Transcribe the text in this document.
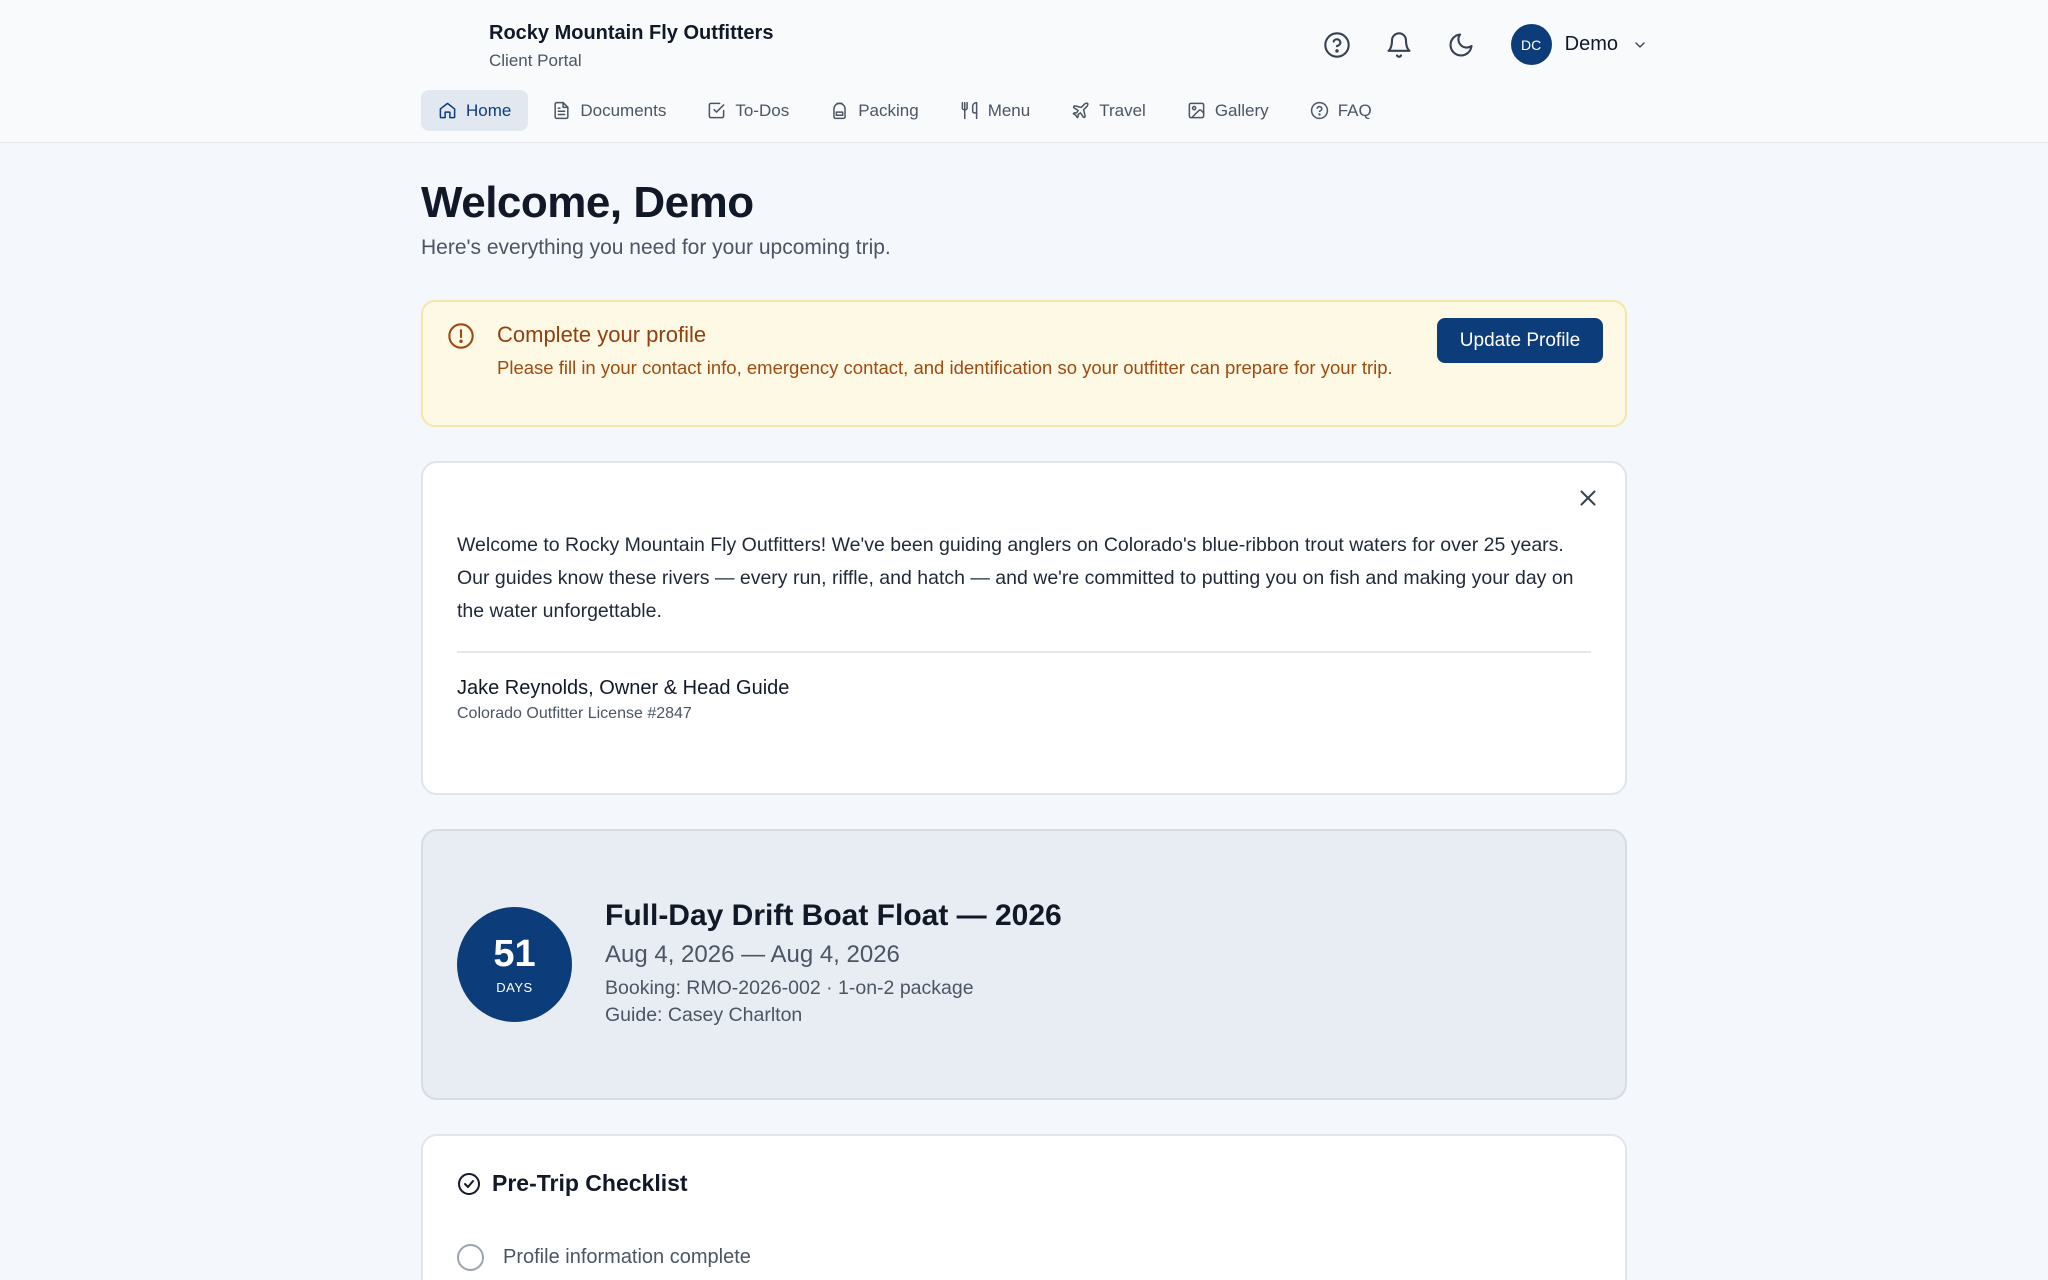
Rocky Mountain Fly Outfitters
Client Portal
DC	Demo
Home	Documents	To-Dos	Packing	Menu	Travel	Gallery	FAQ
Welcome, Demo
Here's everything you need for your upcoming trip.
Complete your profile
Please fill in your contact info, emergency contact, and identification so your outfitter can prepare for your trip.
Update Profile
Welcome to Rocky Mountain Fly Outfitters! We've been guiding anglers on Colorado's blue-ribbon trout waters for over 25 years. Our guides know these rivers — every run, riffle, and hatch — and we're committed to putting you on fish and making your day on the water unforgettable.
Jake Reynolds, Owner & Head Guide
Colorado Outfitter License #2847
51
DAYS
Full-Day Drift Boat Float — 2026
Aug 4, 2026 — Aug 4, 2026
Booking: RMO-2026-002 · 1-on-2 package
Guide: Casey Charlton
Pre-Trip Checklist
Profile information complete
